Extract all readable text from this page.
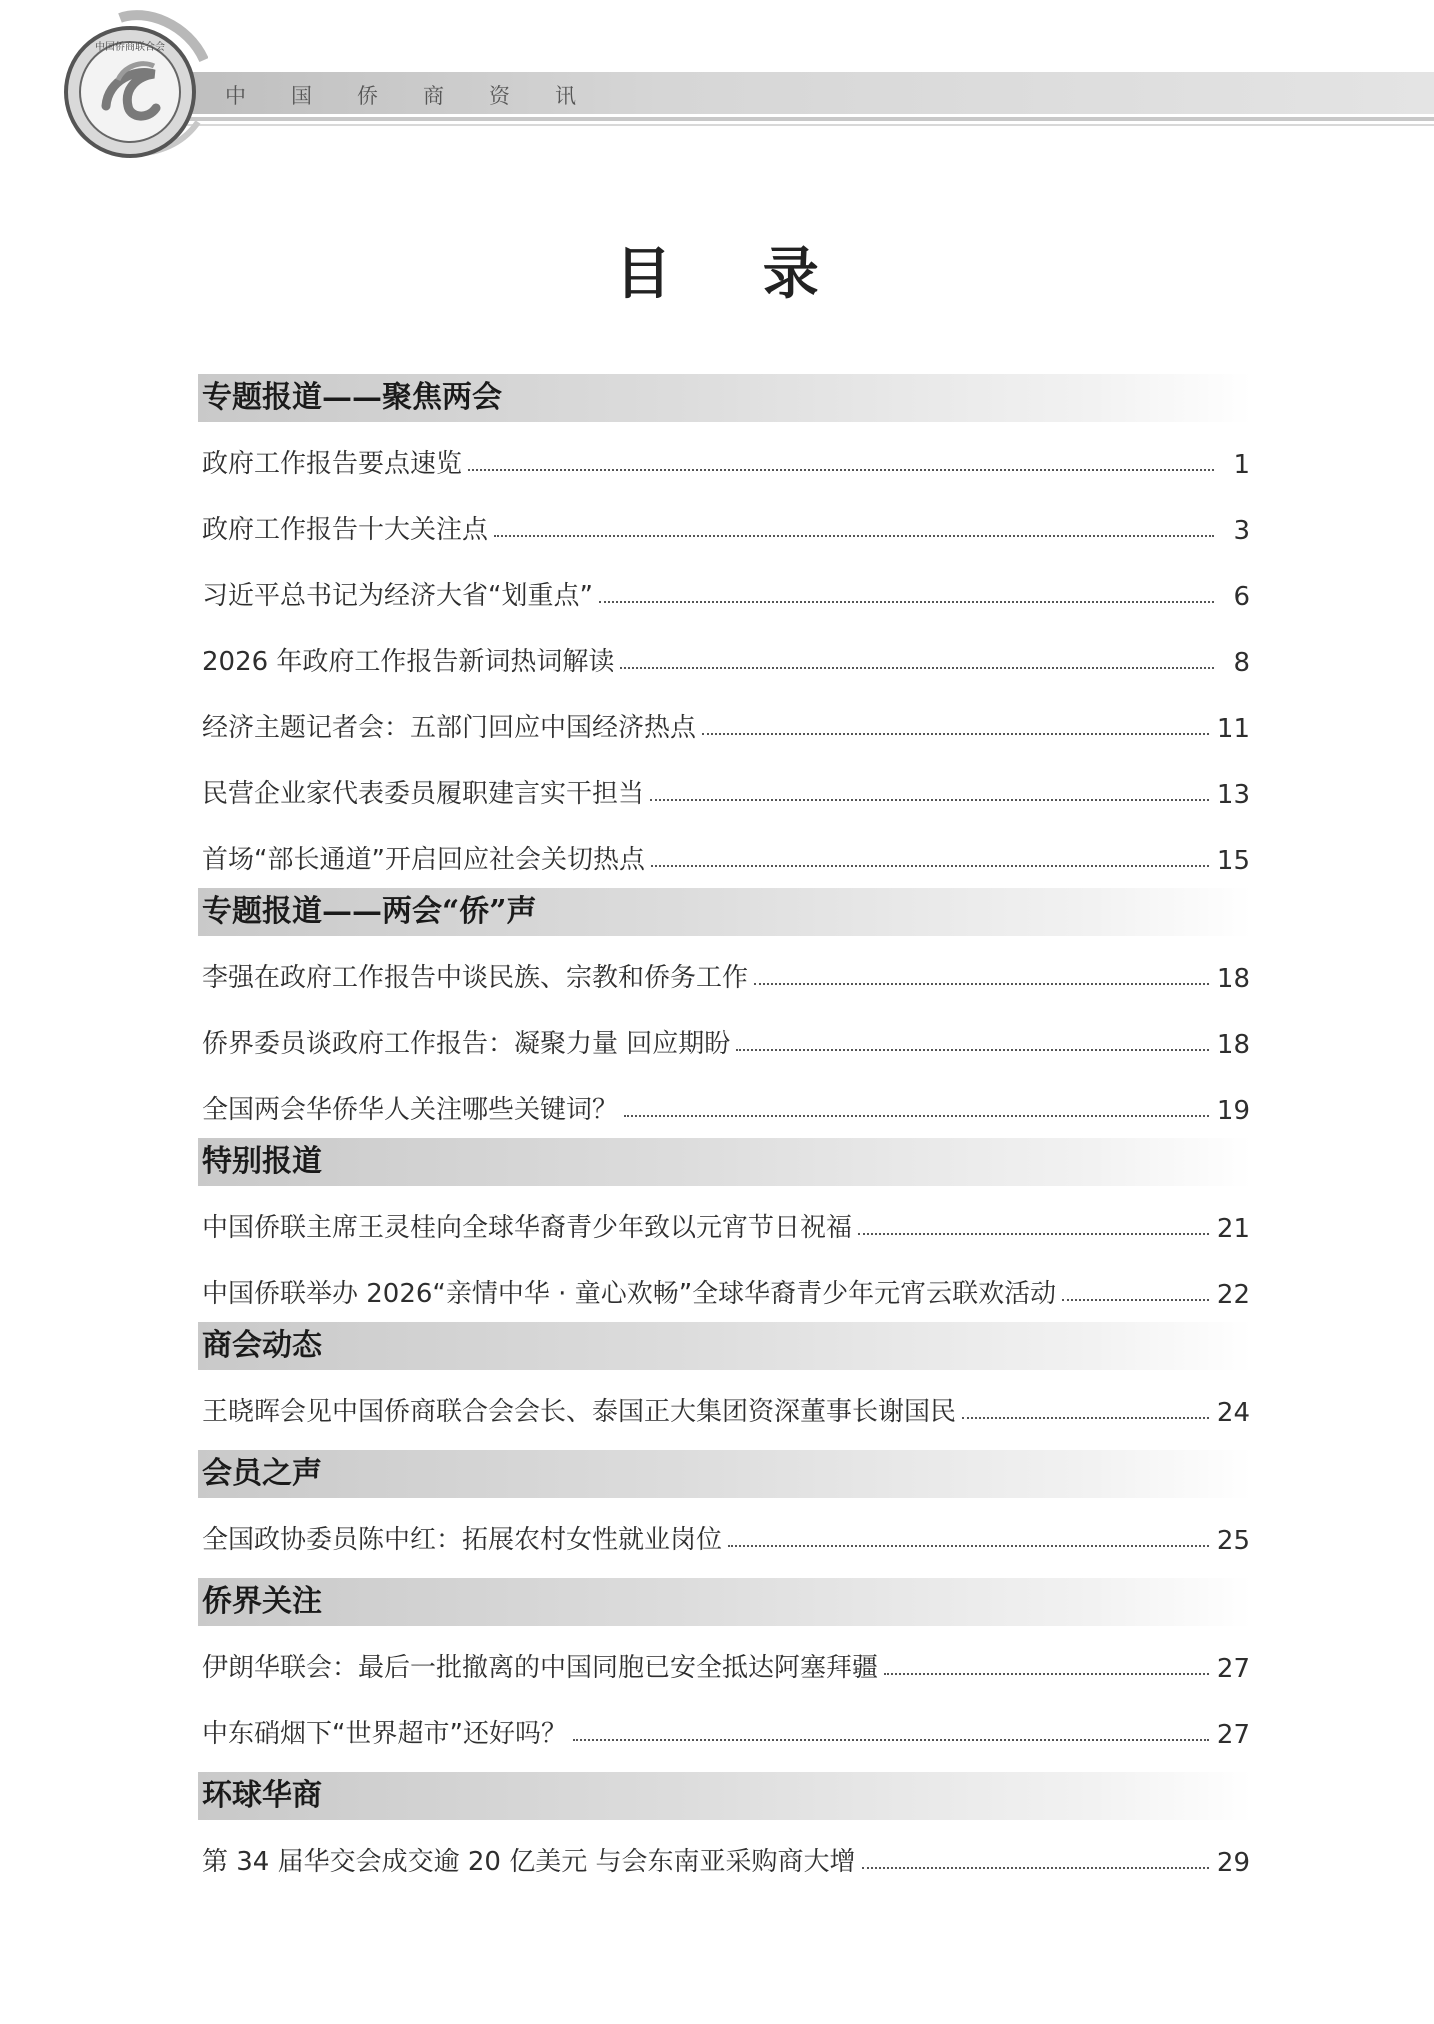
中国侨商资讯
中国侨商联合会
目 录
专题报道——聚焦两会
政府工作报告要点速览	1
政府工作报告十大关注点	3
习近平总书记为经济大省“划重点”	6
2026 年政府工作报告新词热词解读	8
经济主题记者会：五部门回应中国经济热点	11
民营企业家代表委员履职建言实干担当	13
首场“部长通道”开启回应社会关切热点	15
专题报道——两会“侨”声
李强在政府工作报告中谈民族、宗教和侨务工作	18
侨界委员谈政府工作报告：凝聚力量 回应期盼	18
全国两会华侨华人关注哪些关键词？	19
特别报道
中国侨联主席王灵桂向全球华裔青少年致以元宵节日祝福	21
中国侨联举办 2026“亲情中华 · 童心欢畅”全球华裔青少年元宵云联欢活动	22
商会动态
王晓晖会见中国侨商联合会会长、泰国正大集团资深董事长谢国民	24
会员之声
全国政协委员陈中红：拓展农村女性就业岗位	25
侨界关注
伊朗华联会：最后一批撤离的中国同胞已安全抵达阿塞拜疆	27
中东硝烟下“世界超市”还好吗？	27
环球华商
第 34 届华交会成交逾 20 亿美元 与会东南亚采购商大增	29
